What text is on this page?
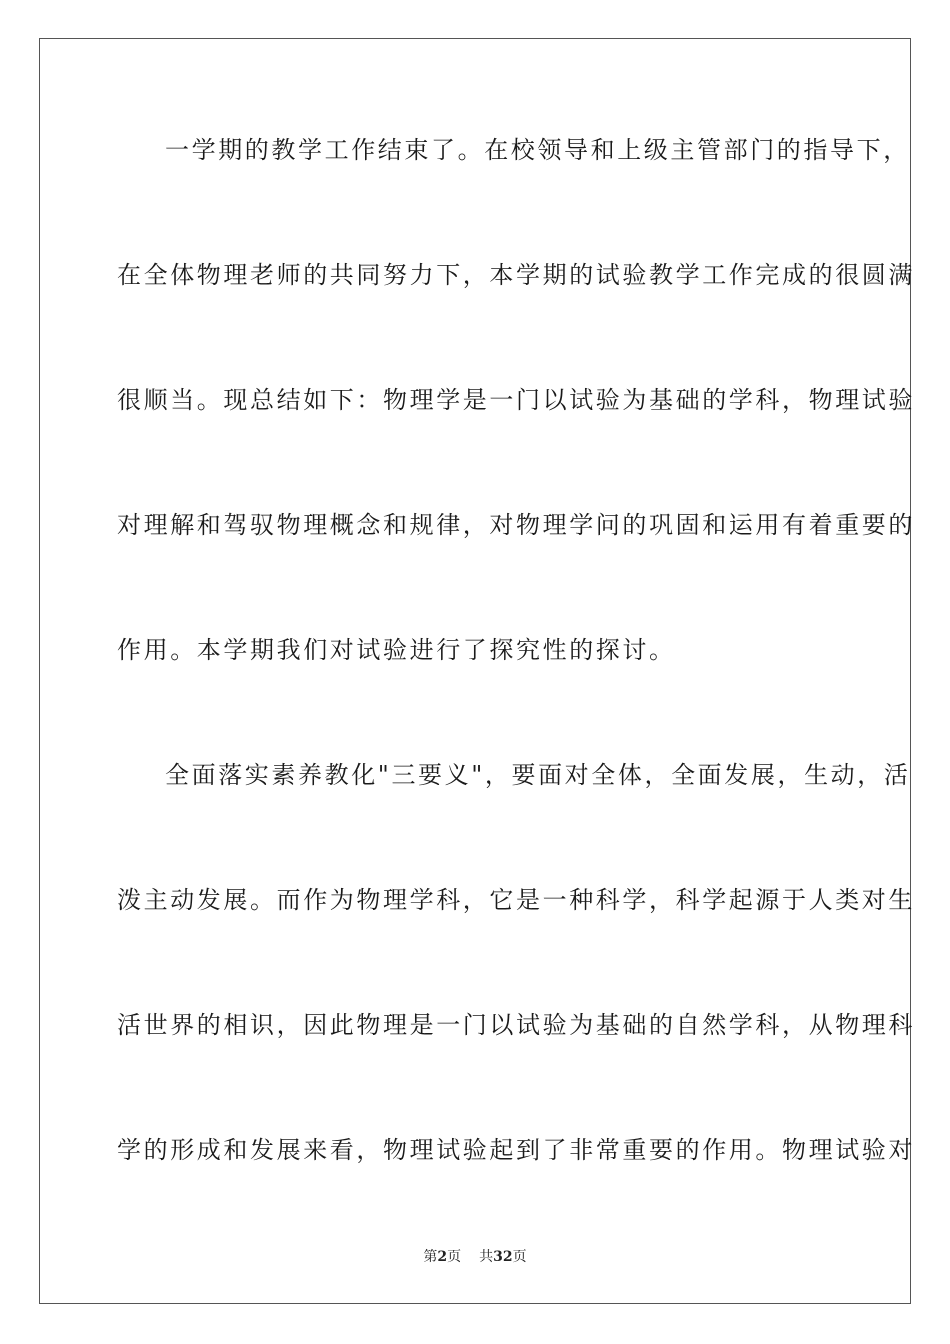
一学期的教学工作结束了。在校领导和上级主管部门的指导下，
在全体物理老师的共同努力下，本学期的试验教学工作完成的很圆满
很顺当。现总结如下：物理学是一门以试验为基础的学科，物理试验
对理解和驾驭物理概念和规律，对物理学问的巩固和运用有着重要的
作用。本学期我们对试验进行了探究性的探讨。
全面落实素养教化"三要义"，要面对全体，全面发展，生动，活
泼主动发展。而作为物理学科，它是一种科学，科学起源于人类对生
活世界的相识，因此物理是一门以试验为基础的自然学科，从物理科
学的形成和发展来看，物理试验起到了非常重要的作用。物理试验对
第2页 共32页
